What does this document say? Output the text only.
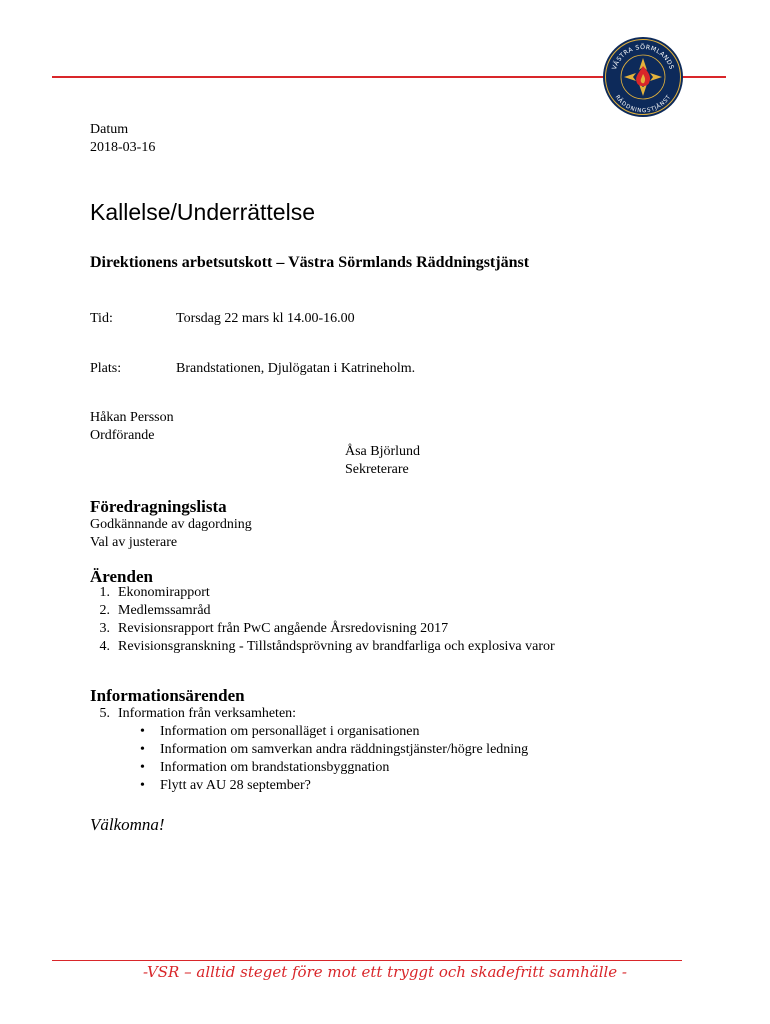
VÄSTRA SÖRMLANDS
RÄDDNINGSTJÄNST
Datum
2018-03-16
Kallelse/Underrättelse
Direktionens arbetsutskott – Västra Sörmlands Räddningstjänst
Tid:	Torsdag 22 mars kl 14.00-16.00
Plats:	Brandstationen, Djulögatan i Katrineholm.
Håkan Persson
Ordförande
Åsa Björlund
Sekreterare
Föredragningslista
Godkännande av dagordning
Val av justerare
Ärenden
1. Ekonomirapport
2. Medlemssamråd
3. Revisionsrapport från PwC angående Årsredovisning 2017
4. Revisionsgranskning - Tillståndsprövning av brandfarliga och explosiva varor
Informationsärenden
5. Information från verksamheten:
•	Information om personalläget i organisationen
•	Information om samverkan andra räddningstjänster/högre ledning
•	Information om brandstationsbyggnation
•	Flytt av AU 28 september?
Välkomna!
-VSR – alltid steget före mot ett tryggt och skadefritt samhälle -
